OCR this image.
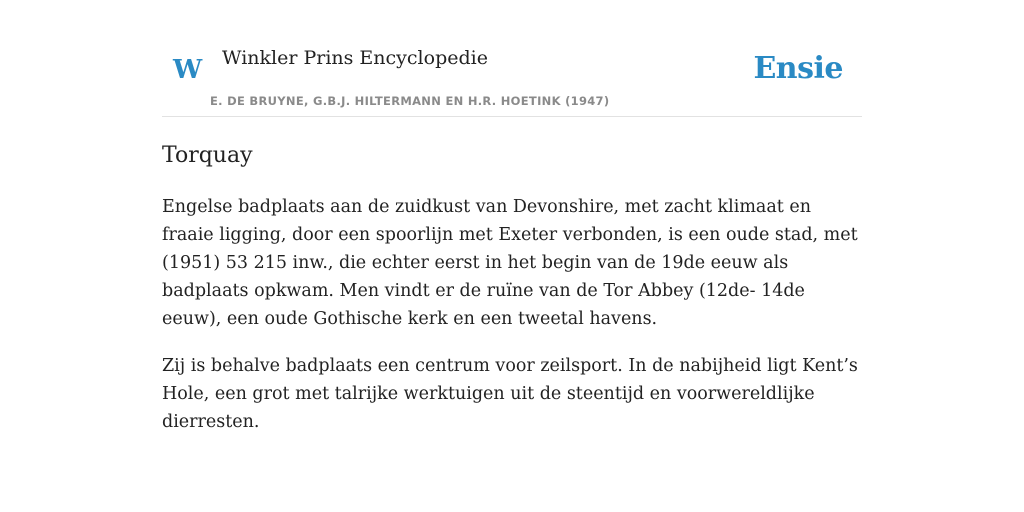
W Winkler Prins Encyclopedie
E. DE BRUYNE, G.B.J. HILTERMANN EN H.R. HOETINK (1947)
Ensie
Torquay

Engelse badplaats aan de zuidkust van Devonshire, met zacht klimaat en fraaie ligging, door een spoorlijn met Exeter verbonden, is een oude stad, met (1951) 53 215 inw., die echter eerst in het begin van de 19de eeuw als badplaats opkwam. Men vindt er de ruïne van de Tor Abbey (12de- 14de eeuw), een oude Gothische kerk en een tweetal havens.

Zij is behalve badplaats een centrum voor zeilsport. In de nabijheid ligt Kent’s Hole, een grot met talrijke werktuigen uit de steentijd en voorwereldlijke dierresten.
